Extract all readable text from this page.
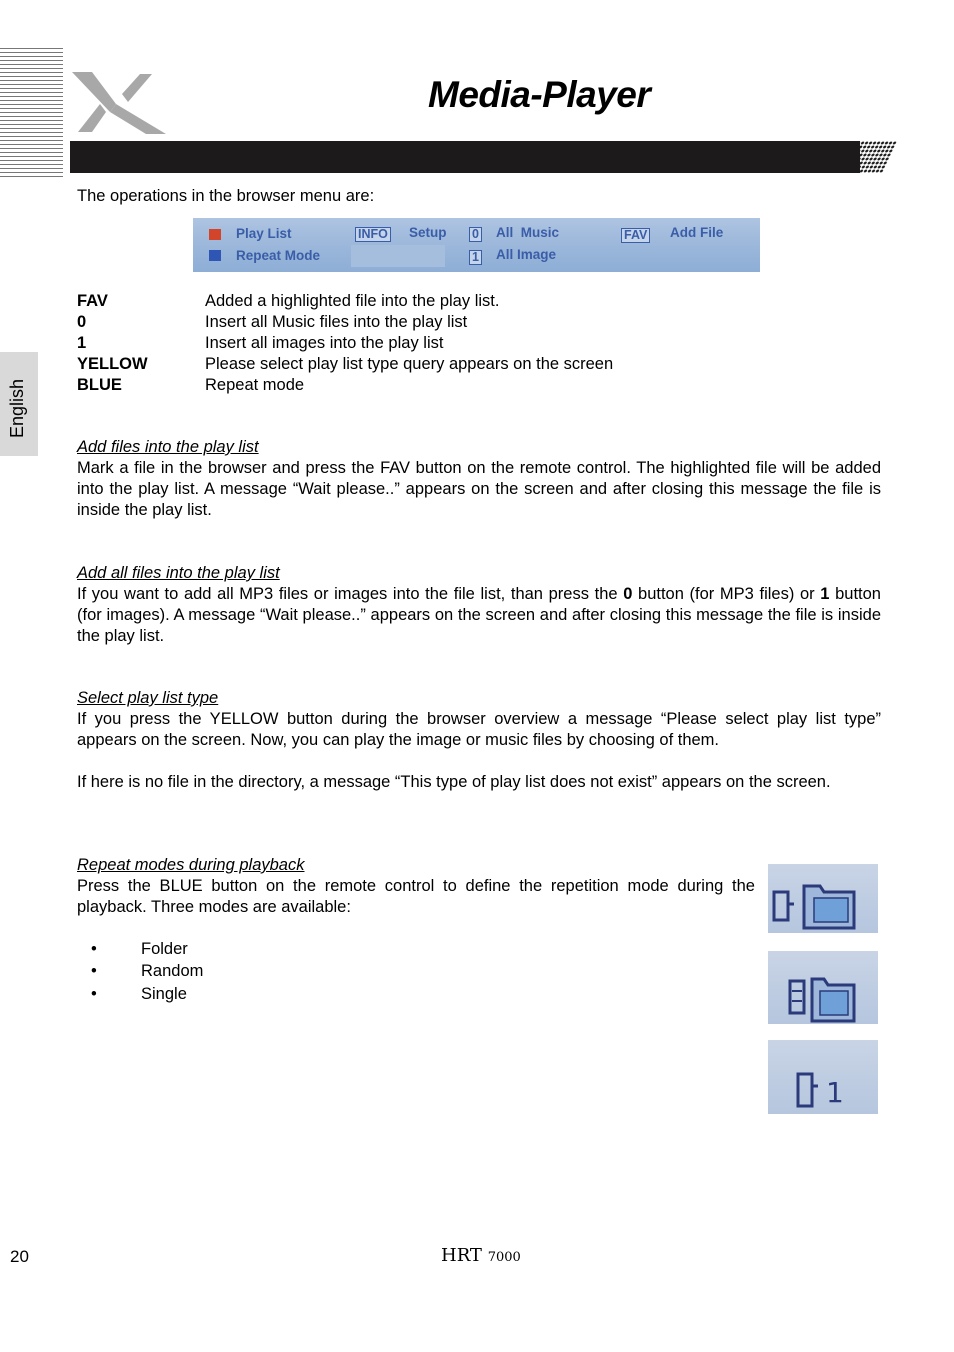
Media-Player
English
The operations in the browser menu are:
Play List	INFO Setup 0 All  Music	FAV Add File
Repeat Mode	1 All Image
FAV	Added a highlighted file into the play list.
0	Insert all Music files into the play list
1	Insert all images into the play list
YELLOW	Please select play list type query appears on the screen
BLUE	Repeat mode
Add files into the play list
Mark a file in the browser and press the FAV button on the remote control. The highlighted file will be added into the play list. A message “Wait please..” appears on the screen and after closing this message the file is inside the play list.
Add all files into the play list
If you want to add all MP3 files or images into the file list, than press the 0 button (for MP3 files) or 1 button (for images). A message “Wait please..” appears on the screen and after closing this message the file is inside the play list.
Select play list type
If you press the YELLOW button during the browser overview a message “Please select play list type” appears on the screen. Now, you can play the image or music files by choosing of them.
If here is no file in the directory, a message “This type of play list does not exist” appears on the screen.
Repeat modes during playback
Press the BLUE button on the remote control to define the repetition mode during the playback. Three modes are available:
•	Folder
•	Random
•	Single
1
20	HRT 7000
